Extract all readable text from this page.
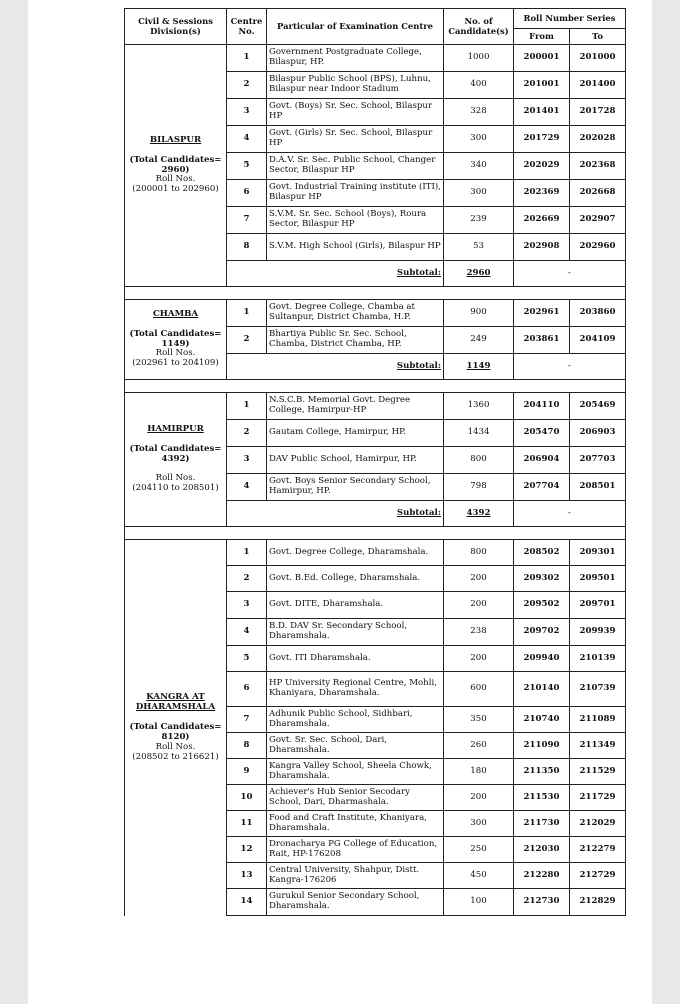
Civil & Sessions Division(s)	Centre No.	Particular of Examination Centre	No. of Candidate(s)	Roll Number Series	
				From	To

BILASPUR
(Total Candidates= 2960)
Roll Nos.
(200001 to 202960)	1	Government Postgraduate College, Bilaspur, HP.	1000	200001	201000
	2	Bilaspur Public School (BPS), Luhnu, Bilaspur near Indoor Stadium	400	201001	201400
	3	Govt. (Boys) Sr. Sec. School, Bilaspur HP	328	201401	201728
	4	Govt. (Girls) Sr. Sec. School, Bilaspur HP	300	201729	202028
	5	D.A.V. Sr. Sec. Public School, Changer Sector, Bilaspur HP	340	202029	202368
	6	Govt. Industrial Training institute (ITI), Bilaspur HP	300	202369	202668
	7	S.V.M. Sr. Sec. School (Boys), Roura Sector, Bilaspur HP	239	202669	202907
	8	S.V.M. High School (Girls), Bilaspur HP	53	202908	202960
	Subtotal:		2960	-	

CHAMBA
(Total Candidates= 1149)
Roll Nos.
(202961 to 204109)	1	Govt. Degree College, Chamba at Sultanpur, District Chamba, H.P.	900	202961	203860
	2	Bhartiya Public Sr. Sec. School, Chamba, District Chamba, HP.	249	203861	204109
	Subtotal:		1149	-	

HAMIRPUR
(Total Candidates= 4392)
Roll Nos.
(204110 to 208501)	1	N.S.C.B. Memorial Govt. Degree College, Hamirpur-HP	1360	204110	205469
	2	Gautam College, Hamirpur, HP.	1434	205470	206903
	3	DAV Public School, Hamirpur, HP.	800	206904	207703
	4	Govt. Boys Senior Secondary School, Hamirpur, HP.	798	207704	208501
	Subtotal:		4392	-	

KANGRA AT DHARAMSHALA
(Total Candidates= 8120)
Roll Nos.
(208502 to 216621)	1	Govt. Degree College, Dharamshala.	800	208502	209301
	2	Govt. B.Ed. College, Dharamshala.	200	209302	209501
	3	Govt. DITE, Dharamshala.	200	209502	209701
	4	B.D. DAV Sr. Secondary School, Dharamshala.	238	209702	209939
	5	Govt. ITI Dharamshala.	200	209940	210139
	6	HP University Regional Centre, Mohli, Khaniyara, Dharamshala.	600	210140	210739
	7	Adhunik Public School, Sidhbari, Dharamshala.	350	210740	211089
	8	Govt. Sr. Sec. School, Dari, Dharamshala.	260	211090	211349
	9	Kangra Valley School, Sheela Chowk, Dharamshala.	180	211350	211529
	10	Achiever's Hub Senior Secodary School, Dari, Dharmashala.	200	211530	211729
	11	Food and Craft Institute, Khaniyara, Dharamshala.	300	211730	212029
	12	Dronacharya PG College of Education, Rait, HP-176208	250	212030	212279
	13	Central University, Shahpur, Distt. Kangra-176206	450	212280	212729
	14	Gurukul Senior Secondary School, Dharamshala.	100	212730	212829
